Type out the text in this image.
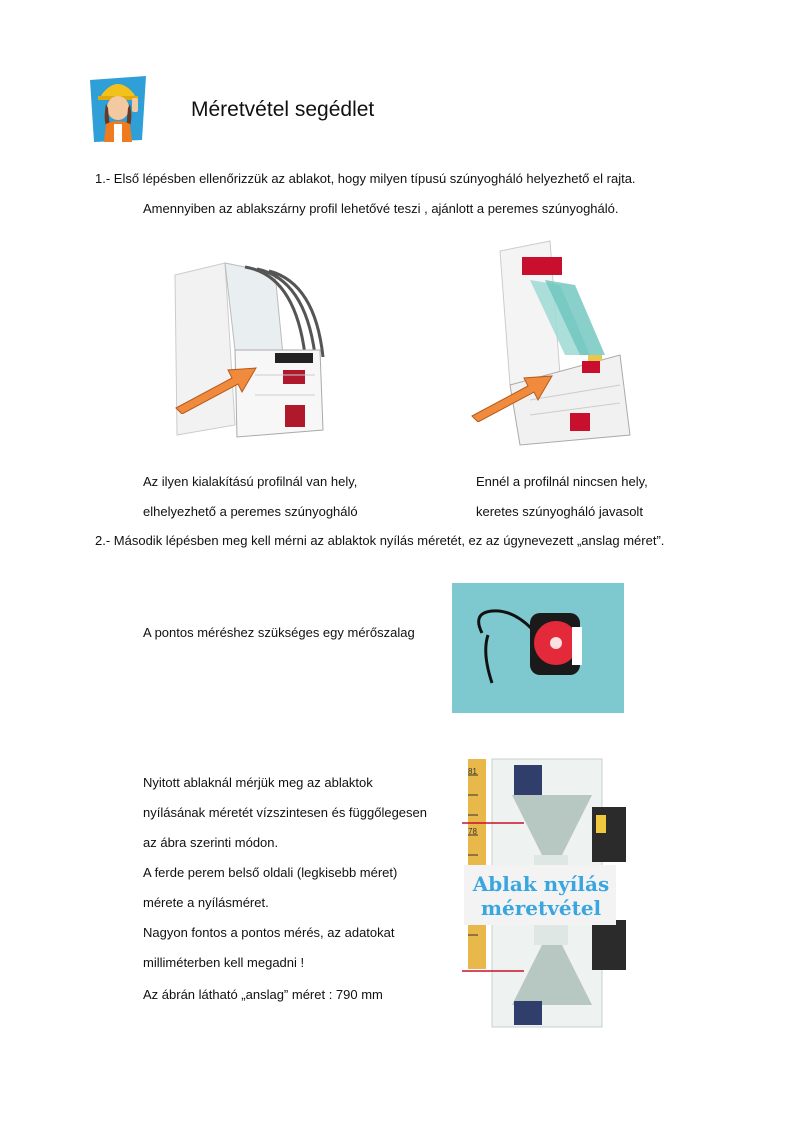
Méretvétel segédlet
1.- Első lépésben ellenőrizzük az ablakot, hogy milyen típusú szúnyogháló helyezhető el rajta.
Amennyiben az ablakszárny profil lehetővé teszi , ajánlott a peremes szúnyogháló.
Az ilyen kialakítású profilnál van hely,
elhelyezhető a peremes szúnyogháló
Ennél a profilnál nincsen hely,
keretes szúnyogháló javasolt
2.- Második lépésben meg kell mérni az ablaktok nyílás méretét, ez az úgynevezett „anslag méret”.
A pontos méréshez szükséges egy mérőszalag
Nyitott ablaknál mérjük meg az ablaktok
nyílásának méretét vízszintesen és függőlegesen
az ábra szerinti módon.
A ferde perem belső oldali (legkisebb méret)
mérete a nyílásméret.
Nagyon fontos a pontos mérés, az adatokat
milliméterben kell megadni !
Az ábrán látható „anslag” méret : 790 mm
81
78
Ablak nyílás
méretvétel
